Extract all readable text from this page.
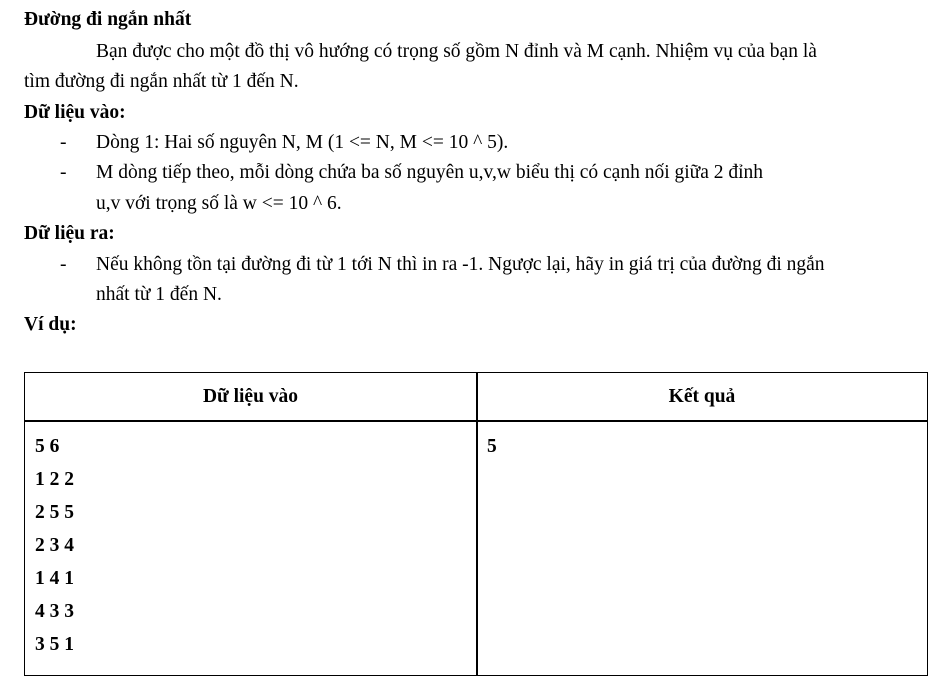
Đường đi ngắn nhất
Bạn được cho một đồ thị vô hướng có trọng số gồm N đỉnh và M cạnh. Nhiệm vụ của bạn là
tìm đường đi ngắn nhất từ 1 đến N.
Dữ liệu vào:
- Dòng 1: Hai số nguyên N, M (1 <= N, M <= 10 ^ 5).
- M dòng tiếp theo, mỗi dòng chứa ba số nguyên u,v,w biểu thị có cạnh nối giữa 2 đỉnh
u,v với trọng số là w <= 10 ^ 6.
Dữ liệu ra:
- Nếu không tồn tại đường đi từ 1 tới N thì in ra -1. Ngược lại, hãy in giá trị của đường đi ngắn
nhất từ 1 đến N.
Ví dụ:
Dữ liệu vào	Kết quả
5 6
1 2 2
2 5 5
2 3 4
1 4 1
4 3 3
3 5 1
5
